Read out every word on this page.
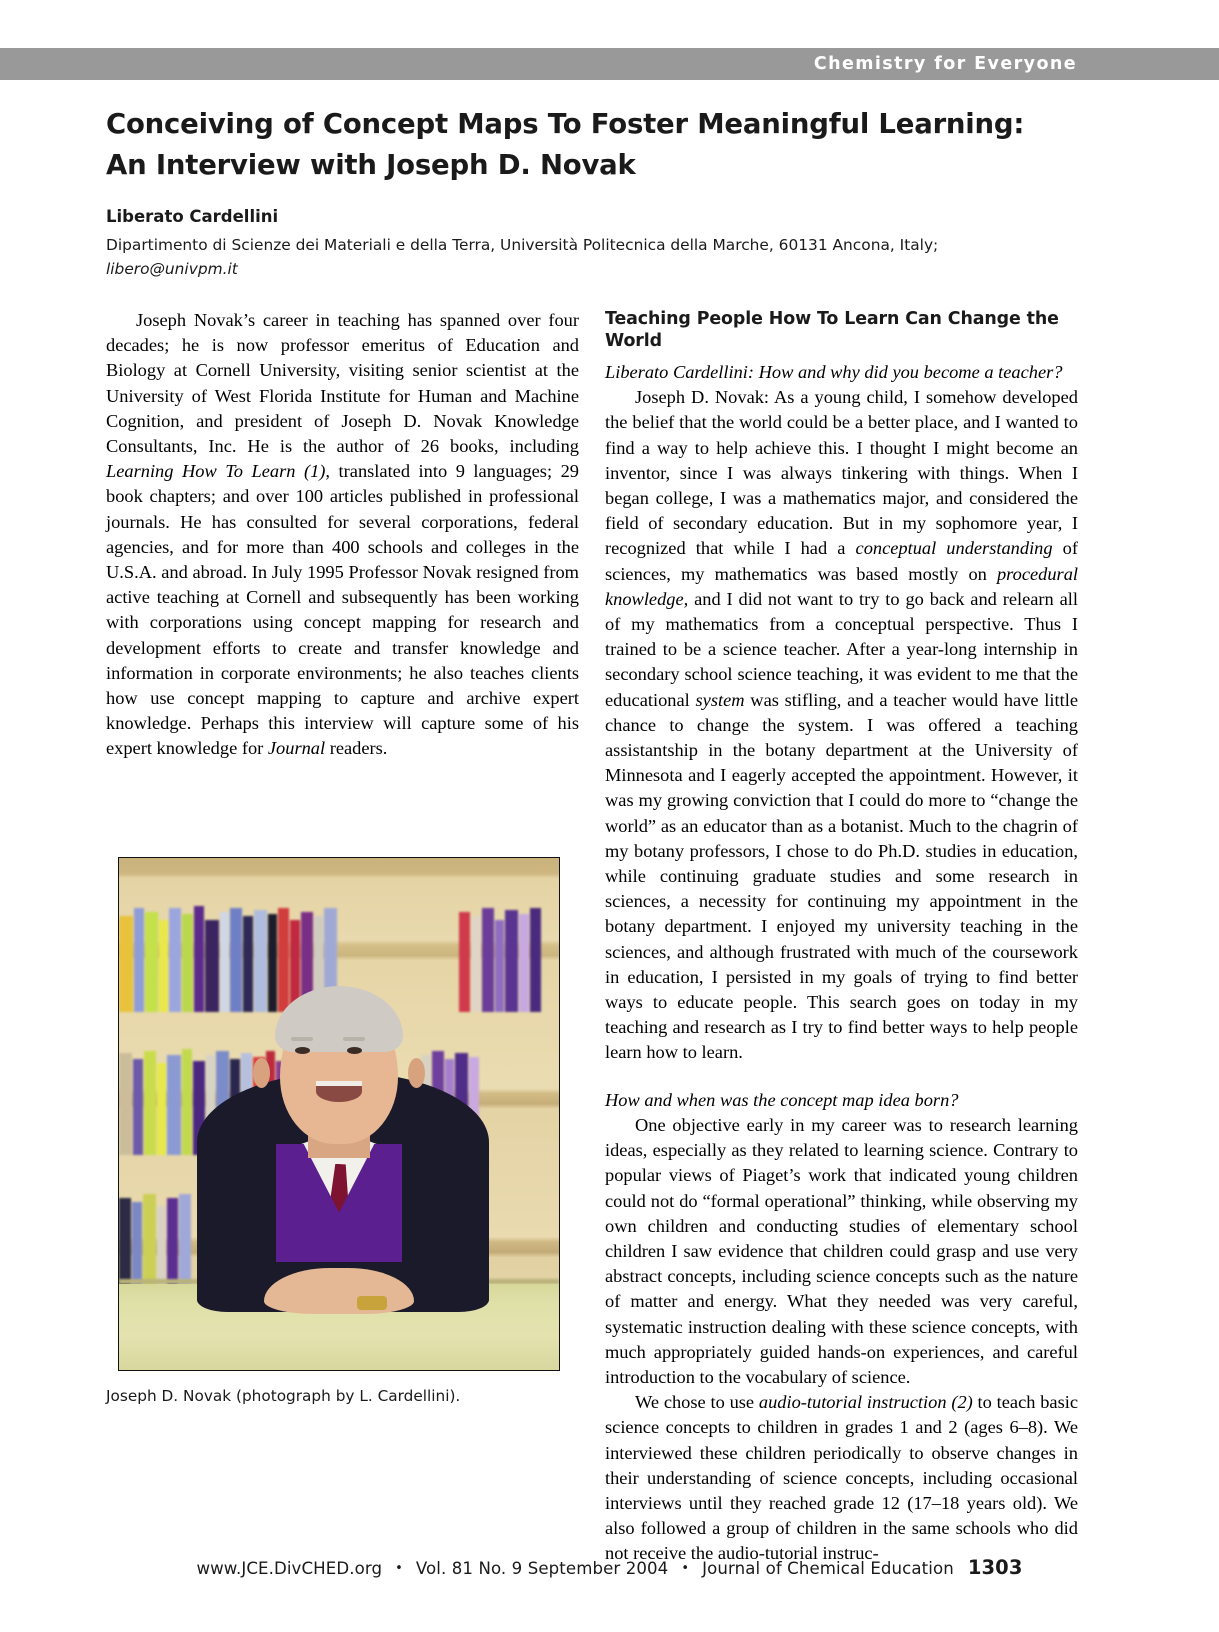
Chemistry for Everyone
Conceiving of Concept Maps To Foster Meaningful Learning:
An Interview with Joseph D. Novak
Liberato Cardellini
Dipartimento di Scienze dei Materiali e della Terra, Università Politecnica della Marche, 60131 Ancona, Italy;
libero@univpm.it

Joseph Novak’s career in teaching has spanned over four decades; he is now professor emeritus of Education and Biology at Cornell University, visiting senior scientist at the University of West Florida Institute for Human and Machine Cognition, and president of Joseph D. Novak Knowledge Consultants, Inc. He is the author of 26 books, including Learning How To Learn (1), translated into 9 languages; 29 book chapters; and over 100 articles published in professional journals. He has consulted for several corporations, federal agencies, and for more than 400 schools and colleges in the U.S.A. and abroad. In July 1995 Professor Novak resigned from active teaching at Cornell and subsequently has been working with corporations using concept mapping for research and development efforts to create and transfer knowledge and information in corporate environments; he also teaches clients how use concept mapping to capture and archive expert knowledge. Perhaps this interview will capture some of his expert knowledge for Journal readers.

Joseph D. Novak (photograph by L. Cardellini).
Teaching People How To Learn Can Change the World

Liberato Cardellini: How and why did you become a teacher?

Joseph D. Novak: As a young child, I somehow developed the belief that the world could be a better place, and I wanted to find a way to help achieve this. I thought I might become an inventor, since I was always tinkering with things. When I began college, I was a mathematics major, and considered the field of secondary education. But in my sophomore year, I recognized that while I had a conceptual understanding of sciences, my mathematics was based mostly on procedural knowledge, and I did not want to try to go back and relearn all of my mathematics from a conceptual perspective. Thus I trained to be a science teacher. After a year-long internship in secondary school science teaching, it was evident to me that the educational system was stifling, and a teacher would have little chance to change the system. I was offered a teaching assistantship in the botany department at the University of Minnesota and I eagerly accepted the appointment. However, it was my growing conviction that I could do more to “change the world” as an educator than as a botanist. Much to the chagrin of my botany professors, I chose to do Ph.D. studies in education, while continuing graduate studies and some research in sciences, a necessity for continuing my appointment in the botany department. I enjoyed my university teaching in the sciences, and although frustrated with much of the coursework in education, I persisted in my goals of trying to find better ways to educate people. This search goes on today in my teaching and research as I try to find better ways to help people learn how to learn.

How and when was the concept map idea born?

One objective early in my career was to research learning ideas, especially as they related to learning science. Contrary to popular views of Piaget’s work that indicated young children could not do “formal operational” thinking, while observing my own children and conducting studies of elementary school children I saw evidence that children could grasp and use very abstract concepts, including science concepts such as the nature of matter and energy. What they needed was very careful, systematic instruction dealing with these science concepts, with much appropriately guided hands-on experiences, and careful introduction to the vocabulary of science.

We chose to use audio-tutorial instruction (2) to teach basic science concepts to children in grades 1 and 2 (ages 6–8). We interviewed these children periodically to observe changes in their understanding of science concepts, including occasional interviews until they reached grade 12 (17–18 years old). We also followed a group of children in the same schools who did not receive the audio-tutorial instruc-

www.JCE.DivCHED.org • Vol. 81 No. 9 September 2004 • Journal of Chemical Education 1303
